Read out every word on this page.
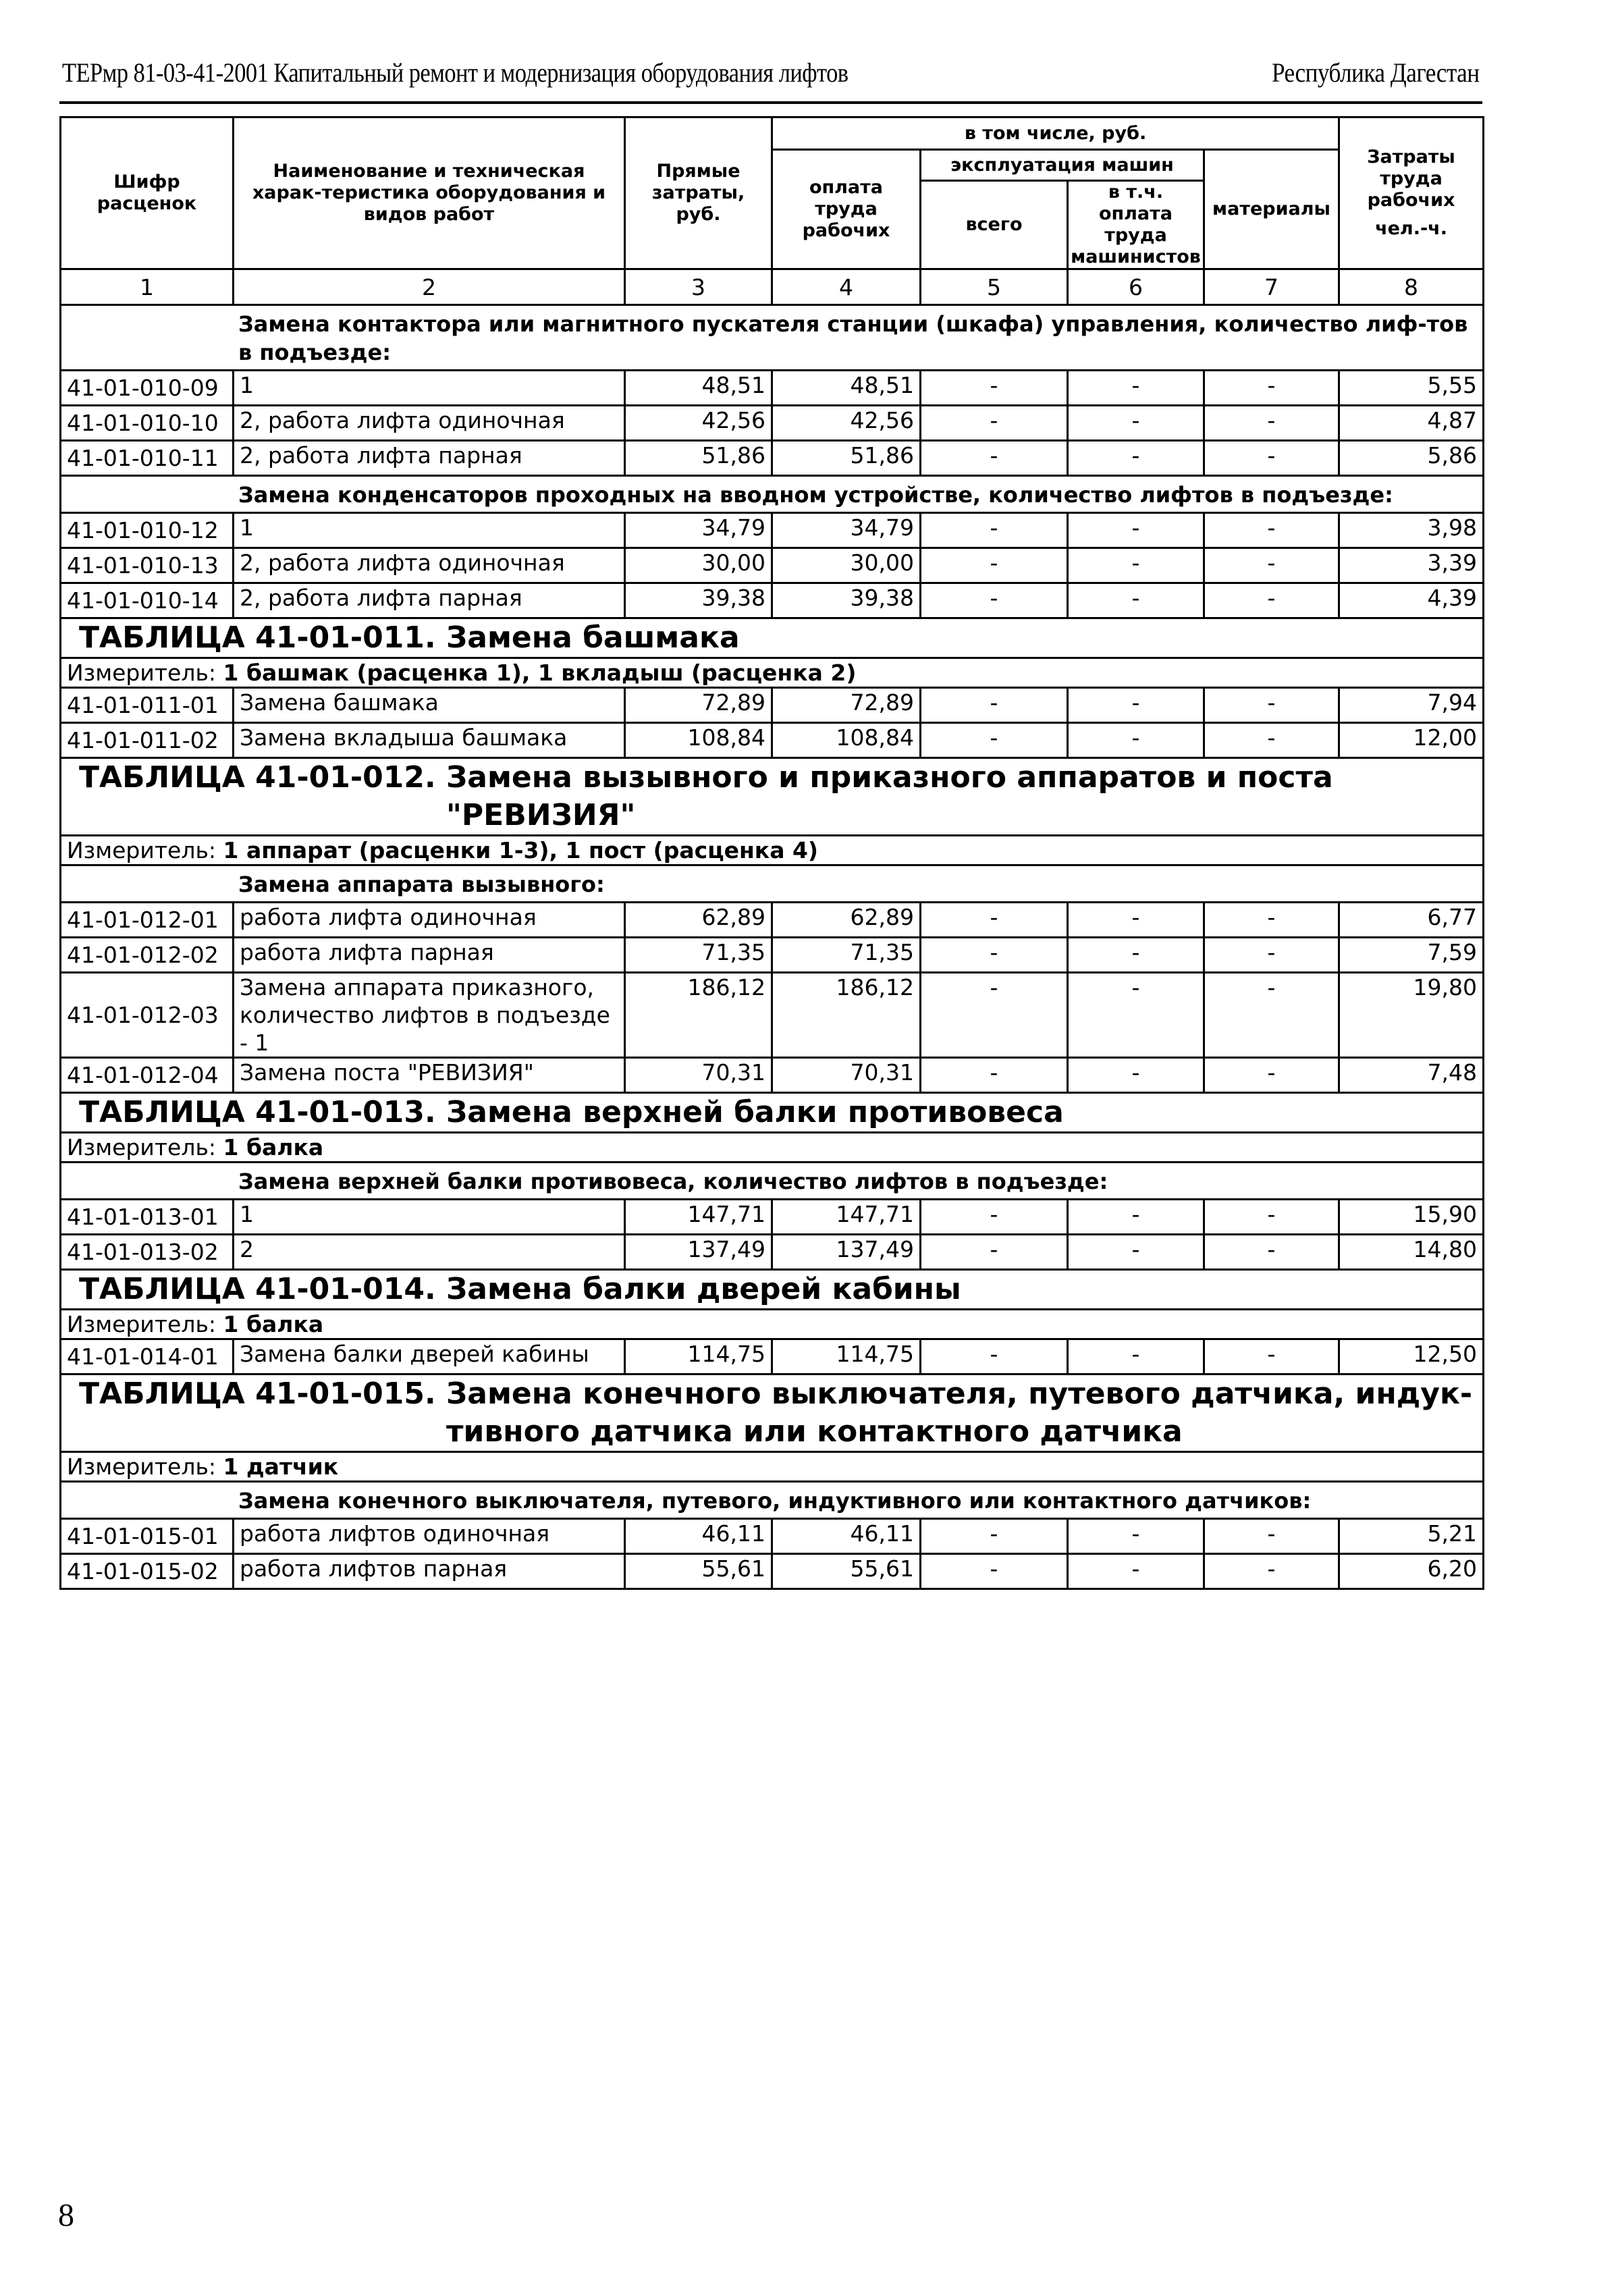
ТЕРмр 81-03-41-2001 Капитальный ремонт и модернизация оборудования лифтов	Республика Дагестан
Шифр расценок	Наименование и техническая харак-теристика оборудования и видов работ	Прямые затраты, руб.	в том числе, руб.				Затраты труда рабочих
чел.-ч.

			оплата труда рабочих	эксплуатация машин		материалы	
				всего	в т.ч. оплата труда машинистов		
1	2	3	4	5	6	7	8
Замена контактора или магнитного пускателя станции (шкафа) управления, количество лиф-тов в подъезде:							
41-01-010-09	1	48,51	48,51	-	-	-	5,55
41-01-010-10	2, работа лифта одиночная	42,56	42,56	-	-	-	4,87
41-01-010-11	2, работа лифта парная	51,86	51,86	-	-	-	5,86
Замена конденсаторов проходных на вводном устройстве, количество лифтов в подъезде:							
41-01-010-12	1	34,79	34,79	-	-	-	3,98
41-01-010-13	2, работа лифта одиночная	30,00	30,00	-	-	-	3,39
41-01-010-14	2, работа лифта парная	39,38	39,38	-	-	-	4,39

ТАБЛИЦА 41-01-011. Замена башмака							

Измеритель: 1 башмак (расценка 1), 1 вкладыш (расценка 2)							
41-01-011-01	Замена башмака	72,89	72,89	-	-	-	7,94
41-01-011-02	Замена вкладыша башмака	108,84	108,84	-	-	-	12,00

ТАБЛИЦА 41-01-012. Замена вызывного и приказного аппаратов и поста "РЕВИЗИЯ"							

Измеритель: 1 аппарат (расценки 1-3), 1 пост (расценка 4)							
Замена аппарата вызывного:							
41-01-012-01	работа лифта одиночная	62,89	62,89	-	-	-	6,77
41-01-012-02	работа лифта парная	71,35	71,35	-	-	-	7,59
41-01-012-03	Замена аппарата приказного, количество лифтов в подъезде - 1	186,12	186,12	-	-	-	19,80
41-01-012-04	Замена поста "РЕВИЗИЯ"	70,31	70,31	-	-	-	7,48

ТАБЛИЦА 41-01-013. Замена верхней балки противовеса							

Измеритель: 1 балка							
Замена верхней балки противовеса, количество лифтов в подъезде:							
41-01-013-01	1	147,71	147,71	-	-	-	15,90
41-01-013-02	2	137,49	137,49	-	-	-	14,80

ТАБЛИЦА 41-01-014. Замена балки дверей кабины							

Измеритель: 1 балка							
41-01-014-01	Замена балки дверей кабины	114,75	114,75	-	-	-	12,50

ТАБЛИЦА 41-01-015. Замена конечного выключателя, путевого датчика, индук-тивного датчика или контактного датчика							

Измеритель: 1 датчик							
Замена конечного выключателя, путевого, индуктивного или контактного датчиков:							
41-01-015-01	работа лифтов одиночная	46,11	46,11	-	-	-	5,21
41-01-015-02	работа лифтов парная	55,61	55,61	-	-	-	6,20
8
